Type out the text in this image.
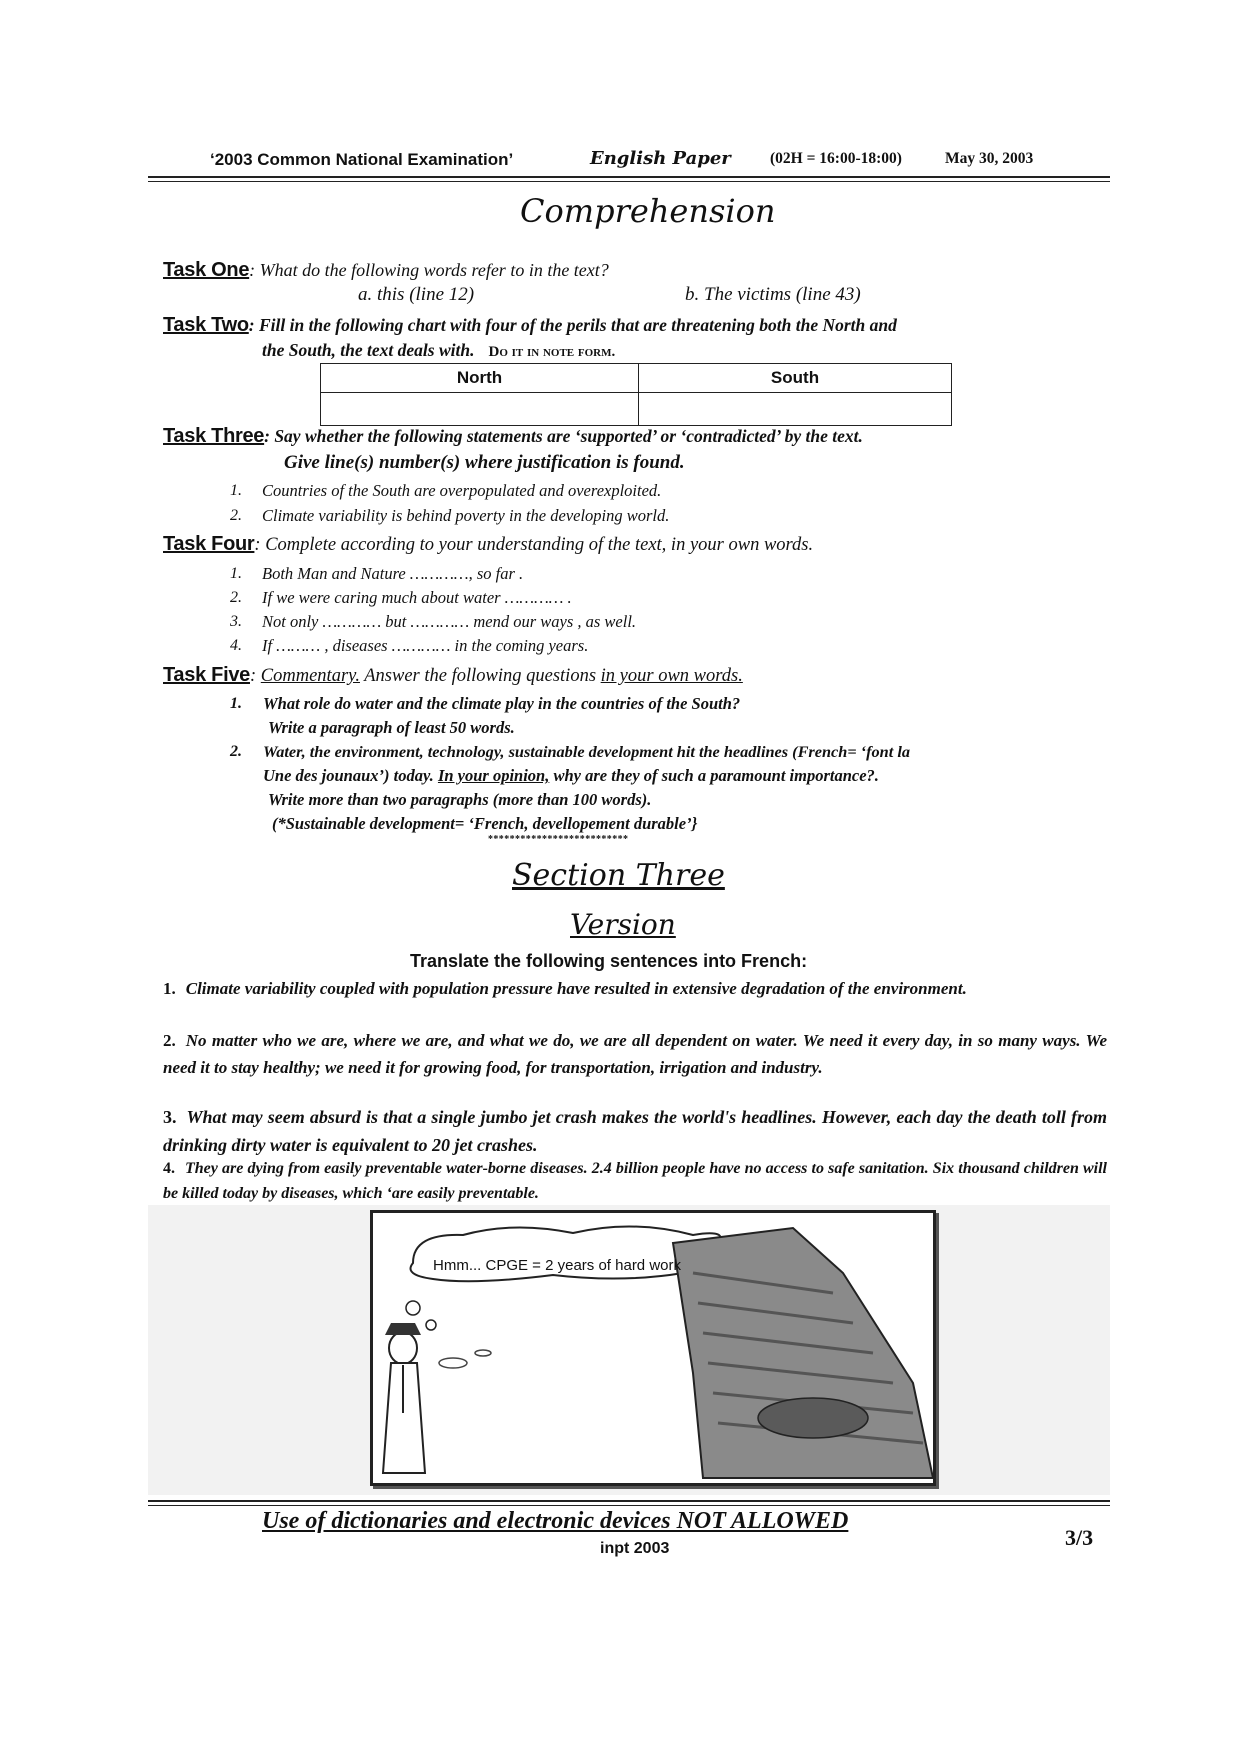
‘2003 Common National Examination’	English Paper	(02H = 16:00-18:00)	May 30, 2003
Comprehension
Task One: What do the following words refer to in the text?
a. this (line 12)	b. The victims (line 43)
Task Two: Fill in the following chart with four of the perils that are threatening both the North and
the South, the text deals with. Do it in note form.
North	South

Task Three: Say whether the following statements are ‘supported’ or ‘contradicted’ by the text.
Give line(s) number(s) where justification is found.
1. Countries of the South are overpopulated and overexploited.
2. Climate variability is behind poverty in the developing world.
Task Four: Complete according to your understanding of the text, in your own words.
1. Both Man and Nature …………, so far .
2. If we were caring much about water ………… .
3. Not only ………… but ………… mend our ways , as well.
4. If ……… , diseases ………… in the coming years.
Task Five: Commentary. Answer the following questions in your own words.
1. What role do water and the climate play in the countries of the South?
Write a paragraph of least 50 words.
2. Water, the environment, technology, sustainable development hit the headlines (French= ‘font la
Une des jounaux’) today. In your opinion, why are they of such a paramount importance?.
Write more than two paragraphs (more than 100 words).
(*Sustainable development= ‘French, devellopement durable’}
**************************
Section Three
Version
Translate the following sentences into French:
1. Climate variability coupled with population pressure have resulted in extensive degradation of the environment.
2. No matter who we are, where we are, and what we do, we are all dependent on water. We need it every day, in so many ways. We need it to stay healthy; we need it for growing food, for transportation, irrigation and industry.
3. What may seem absurd is that a single jumbo jet crash makes the world's headlines. However, each day the death toll from drinking dirty water is equivalent to 20 jet crashes.
4. They are dying from easily preventable water-borne diseases. 2.4 billion people have no access to safe sanitation. Six thousand children will be killed today by diseases, which ‘are easily preventable.
Hmm... CPGE = 2 years of hard work
Use of dictionaries and electronic devices NOT ALLOWED
inpt 2003	3/3
